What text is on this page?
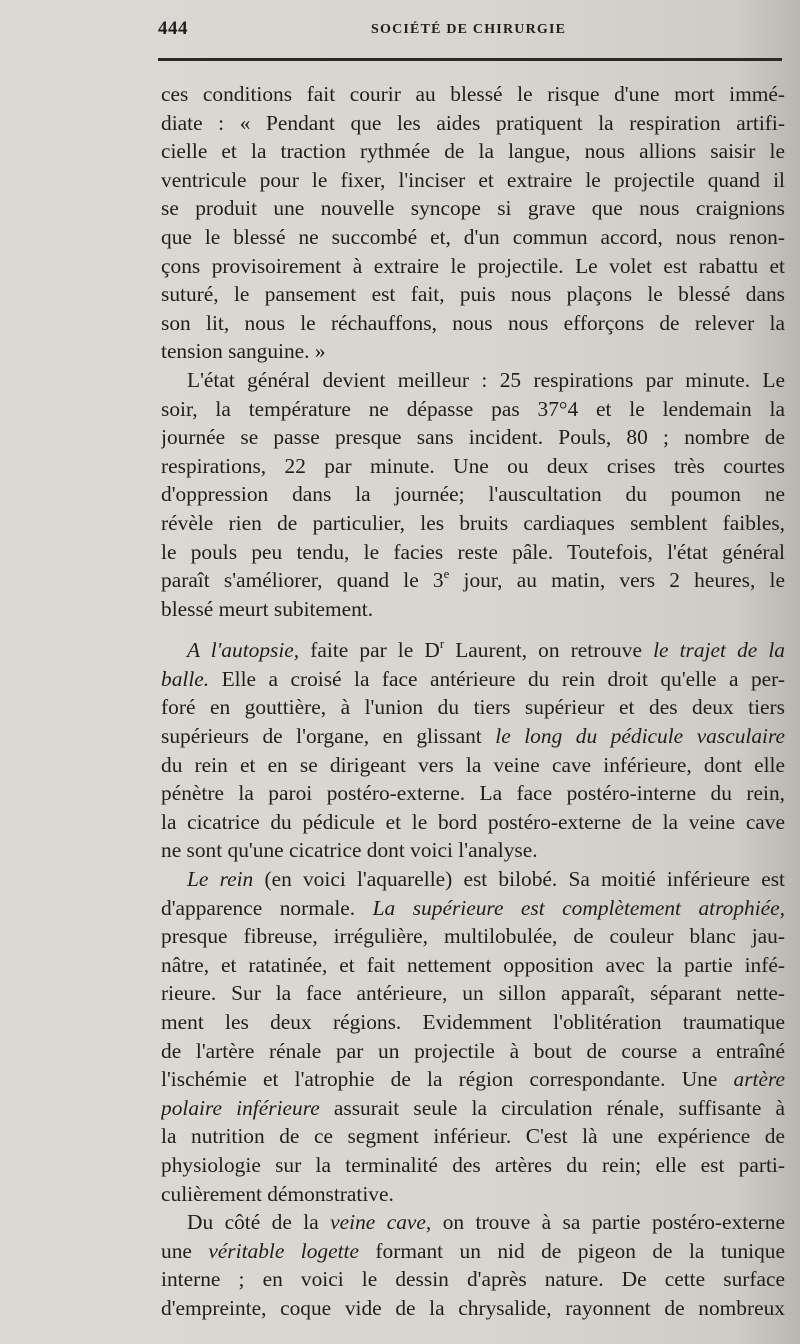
444	SOCIÉTÉ DE CHIRURGIE
ces conditions fait courir au blessé le risque d'une mort immé-
diate : « Pendant que les aides pratiquent la respiration artifi-
cielle et la traction rythmée de la langue, nous allions saisir le
ventricule pour le fixer, l'inciser et extraire le projectile quand il
se produit une nouvelle syncope si grave que nous craignions
que le blessé ne succombé et, d'un commun accord, nous renon-
çons provisoirement à extraire le projectile. Le volet est rabattu et
suturé, le pansement est fait, puis nous plaçons le blessé dans
son lit, nous le réchauffons, nous nous efforçons de relever la
tension sanguine. »
L'état général devient meilleur : 25 respirations par minute. Le
soir, la température ne dépasse pas 37°4 et le lendemain la
journée se passe presque sans incident. Pouls, 80 ; nombre de
respirations, 22 par minute. Une ou deux crises très courtes
d'oppression dans la journée; l'auscultation du poumon ne
révèle rien de particulier, les bruits cardiaques semblent faibles,
le pouls peu tendu, le facies reste pâle. Toutefois, l'état général
paraît s'améliorer, quand le 3e jour, au matin, vers 2 heures, le
blessé meurt subitement.
A l'autopsie, faite par le $D^r$ Laurent, on retrouve le trajet de la
balle. Elle a croisé la face antérieure du rein droit qu'elle a per-
foré en gouttière, à l'union du tiers supérieur et des deux tiers
supérieurs de l'organe, en glissant le long du pédicule vasculaire
du rein et en se dirigeant vers la veine cave inférieure, dont elle
pénètre la paroi postéro-externe. La face postéro-interne du rein,
la cicatrice du pédicule et le bord postéro-externe de la veine cave
ne sont qu'une cicatrice dont voici l'analyse.
Le rein (en voici l'aquarelle) est bilobé. Sa moitié inférieure est
d'apparence normale. La supérieure est complètement atrophiée,
presque fibreuse, irrégulière, multilobulée, de couleur blanc jau-
nâtre, et ratatinée, et fait nettement opposition avec la partie infé-
rieure. Sur la face antérieure, un sillon apparaît, séparant nette-
ment les deux régions. Evidemment l'oblitération traumatique
de l'artère rénale par un projectile à bout de course a entraîné
l'ischémie et l'atrophie de la région correspondante. Une artère
polaire inférieure assurait seule la circulation rénale, suffisante à
la nutrition de ce segment inférieur. C'est là une expérience de
physiologie sur la terminalité des artères du rein; elle est parti-
culièrement démonstrative.
Du côté de la veine cave, on trouve à sa partie postéro-externe
une véritable logette formant un nid de pigeon de la tunique
interne ; en voici le dessin d'après nature. De cette surface
d'empreinte, coque vide de la chrysalide, rayonnent de nombreux
